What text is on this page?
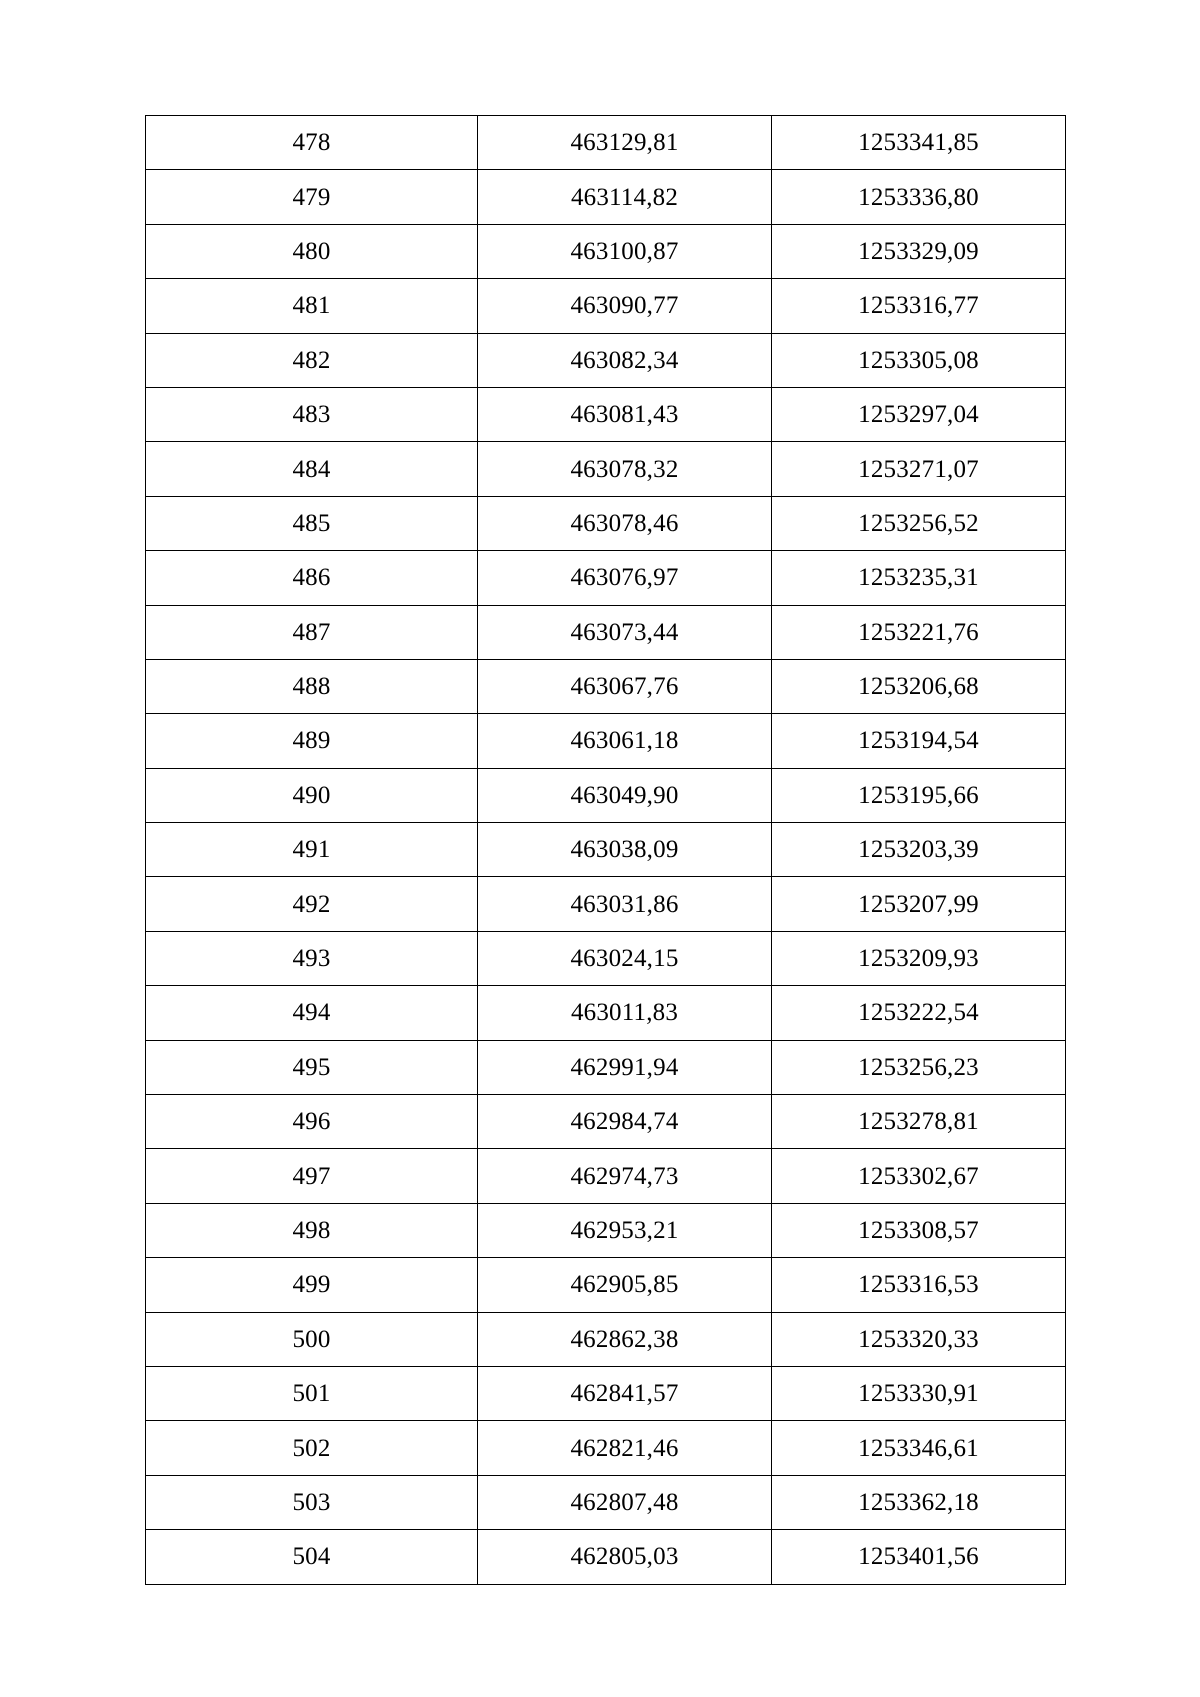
478	463129,81	1253341,85
479	463114,82	1253336,80
480	463100,87	1253329,09
481	463090,77	1253316,77
482	463082,34	1253305,08
483	463081,43	1253297,04
484	463078,32	1253271,07
485	463078,46	1253256,52
486	463076,97	1253235,31
487	463073,44	1253221,76
488	463067,76	1253206,68
489	463061,18	1253194,54
490	463049,90	1253195,66
491	463038,09	1253203,39
492	463031,86	1253207,99
493	463024,15	1253209,93
494	463011,83	1253222,54
495	462991,94	1253256,23
496	462984,74	1253278,81
497	462974,73	1253302,67
498	462953,21	1253308,57
499	462905,85	1253316,53
500	462862,38	1253320,33
501	462841,57	1253330,91
502	462821,46	1253346,61
503	462807,48	1253362,18
504	462805,03	1253401,56
